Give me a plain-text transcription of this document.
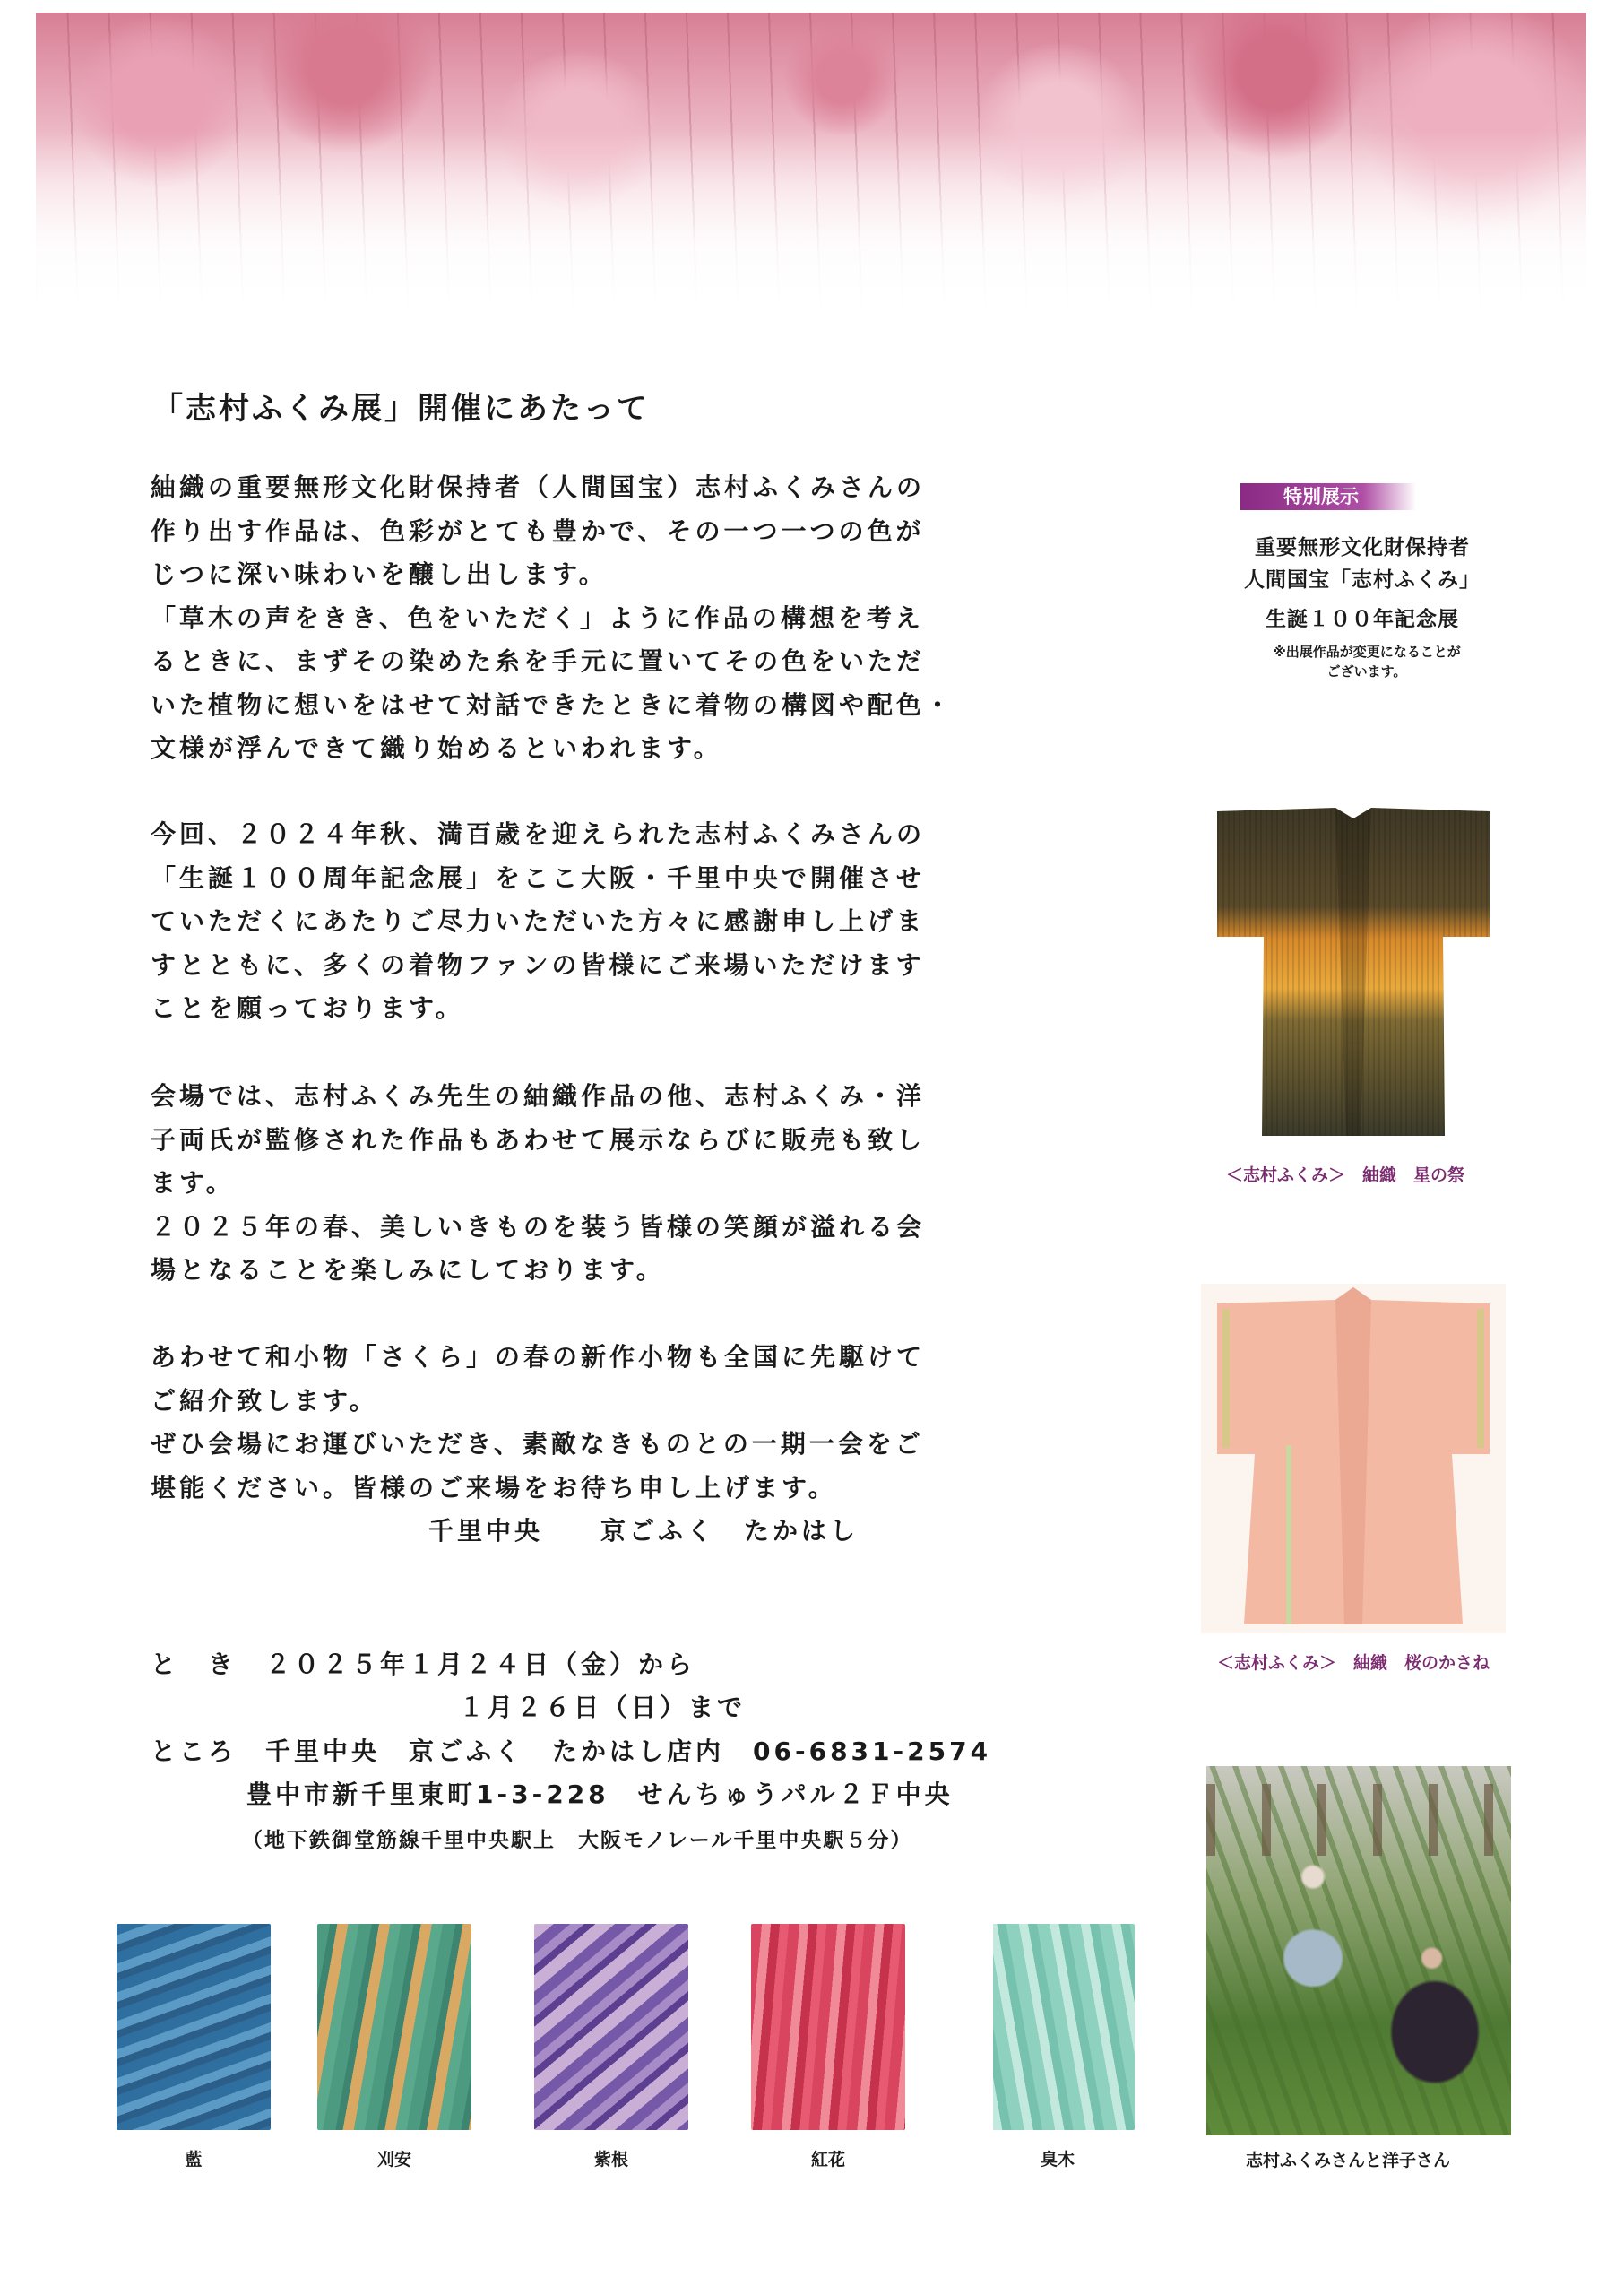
「志村ふくみ展」開催にあたって
紬織の重要無形文化財保持者（人間国宝）志村ふくみさんの
作り出す作品は、色彩がとても豊かで、その一つ一つの色が
じつに深い味わいを醸し出します。
「草木の声をきき、色をいただく」ように作品の構想を考え
るときに、まずその染めた糸を手元に置いてその色をいただ
いた植物に想いをはせて対話できたときに着物の構図や配色・
文様が浮んできて織り始めるといわれます。
今回、２０２４年秋、満百歳を迎えられた志村ふくみさんの
「生誕１００周年記念展」をここ大阪・千里中央で開催させ
ていただくにあたりご尽力いただいた方々に感謝申し上げま
すとともに、多くの着物ファンの皆様にご来場いただけます
ことを願っております。
会場では、志村ふくみ先生の紬織作品の他、志村ふくみ・洋
子両氏が監修された作品もあわせて展示ならびに販売も致し
ます。
２０２５年の春、美しいきものを装う皆様の笑顔が溢れる会
場となることを楽しみにしております。
あわせて和小物「さくら」の春の新作小物も全国に先駆けて
ご紹介致します。
ぜひ会場にお運びいただき、素敵なきものとの一期一会をご
堪能ください。皆様のご来場をお待ち申し上げます。
千里中央　　京ごふく　たかはし
と　き　２０２５年１月２４日（金）から
１月２６日（日）まで
ところ　千里中央　京ごふく　たかはし店内　06-6831-2574
豊中市新千里東町1-3-228　せんちゅうパル２Ｆ中央
（地下鉄御堂筋線千里中央駅上　大阪モノレール千里中央駅５分）
特別展示
重要無形文化財保持者
人間国宝「志村ふくみ」
生誕１００年記念展
※出展作品が変更になることが
ございます。
＜志村ふくみ＞　紬織　星の祭
＜志村ふくみ＞　紬織　桜のかさね
志村ふくみさんと洋子さん
藍	刈安	紫根	紅花	臭木
